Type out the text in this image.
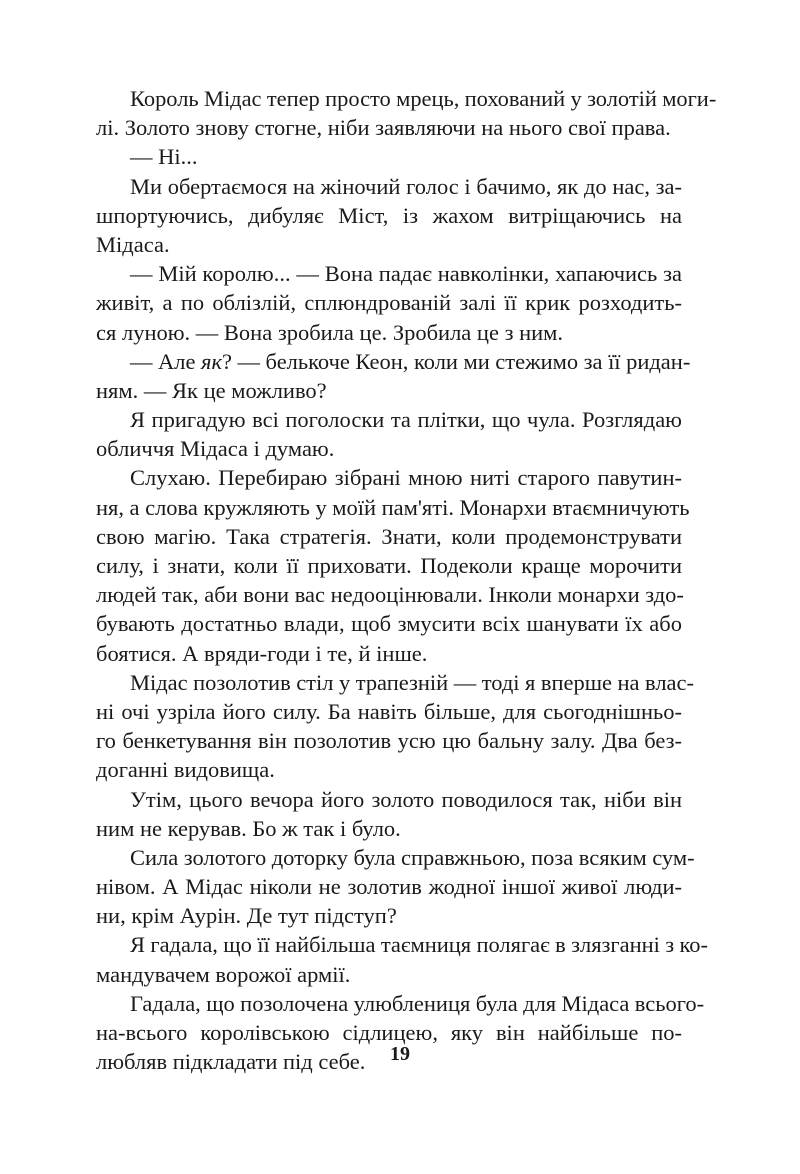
Король Мідас тепер просто мрець, похований у золотій моги-
лі. Золото знову стогне, ніби заявляючи на нього свої права.
— Ні...
Ми обертаємося на жіночий голос і бачимо, як до нас, за-
шпортуючись, дибуляє Міст, із жахом витріщаючись на
Мідаса.
— Мій королю... — Вона падає навколінки, хапаючись за
живіт, а по облізлій, сплюндрованій залі її крик розходить-
ся луною. — Вона зробила це. Зробила це з ним.
— Але як? — белькоче Кеон, коли ми стежимо за її ридан-
ням. — Як це можливо?
Я пригадую всі поголоски та плітки, що чула. Розглядаю
обличчя Мідаса і думаю.
Слухаю. Перебираю зібрані мною ниті старого павутин-
ня, а слова кружляють у моїй пам'яті. Монархи втаємничують
свою магію. Така стратегія. Знати, коли продемонструвати
силу, і знати, коли її приховати. Подеколи краще морочити
людей так, аби вони вас недооцінювали. Інколи монархи здо-
бувають достатньо влади, щоб змусити всіх шанувати їх або
боятися. А вряди-годи і те, й інше.
Мідас позолотив стіл у трапезній — тоді я вперше на влас-
ні очі узріла його силу. Ба навіть більше, для сьогоднішньо-
го бенкетування він позолотив усю цю бальну залу. Два без-
доганні видовища.
Утім, цього вечора його золото поводилося так, ніби він
ним не керував. Бо ж так і було.
Сила золотого доторку була справжньою, поза всяким сум-
нівом. А Мідас ніколи не золотив жодної іншої живої люди-
ни, крім Аурін. Де тут підступ?
Я гадала, що її найбільша таємниця полягає в злязганні з ко-
мандувачем ворожої армії.
Гадала, що позолочена улюблениця була для Мідаса всього-
на-всього королівською сідлицею, яку він найбільше по-
любляв підкладати під себе.	19
